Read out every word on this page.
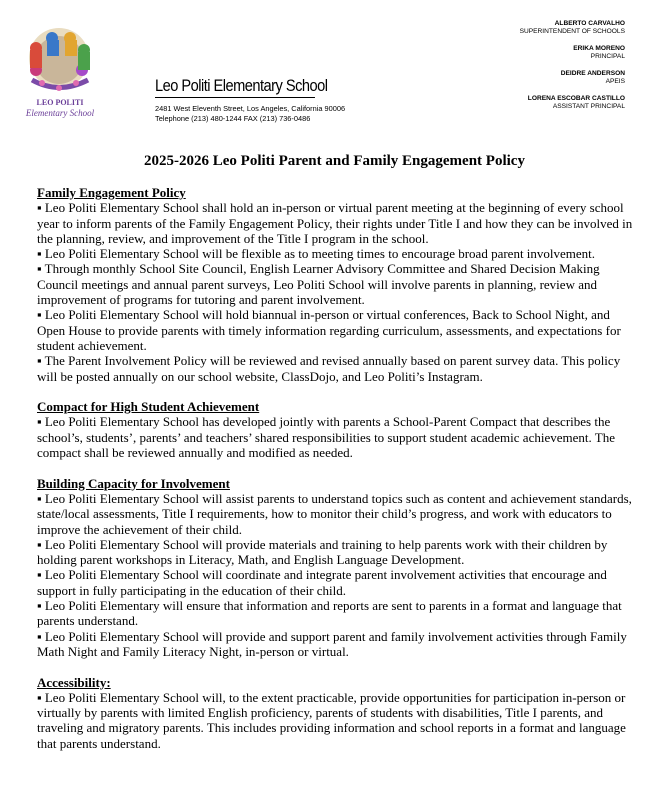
LEO POLITI
Elementary School
Leo Politi Elementary School
2481 West Eleventh Street, Los Angeles, California 90006
Telephone (213) 480-1244 FAX (213) 736-0486
ALBERTO CARVALHO
SUPERINTENDENT OF SCHOOLS
ERIKA MORENO
PRINCIPAL
DEIDRE ANDERSON
APEIS
LORENA ESCOBAR CASTILLO
ASSISTANT PRINCIPAL
2025-2026 Leo Politi Parent and Family Engagement Policy
Family Engagement Policy

▪ Leo Politi Elementary School shall hold an in-person or virtual parent meeting at the beginning of every school year to inform parents of the Family Engagement Policy, their rights under Title I and how they can be involved in the planning, review, and improvement of the Title I program in the school.

▪ Leo Politi Elementary School will be flexible as to meeting times to encourage broad parent involvement.

▪ Through monthly School Site Council, English Learner Advisory Committee and Shared Decision Making Council meetings and annual parent surveys, Leo Politi School will involve parents in planning, review and improvement of programs for tutoring and parent involvement.

▪ Leo Politi Elementary School will hold biannual in-person or virtual conferences, Back to School Night, and Open House to provide parents with timely information regarding curriculum, assessments, and expectations for student achievement.

▪ The Parent Involvement Policy will be reviewed and revised annually based on parent survey data. This policy will be posted annually on our school website, ClassDojo, and Leo Politi’s Instagram.

Compact for High Student Achievement

▪ Leo Politi Elementary School has developed jointly with parents a School-Parent Compact that describes the school’s, students’, parents’ and teachers’ shared responsibilities to support student academic achievement. The compact shall be reviewed annually and modified as needed.

Building Capacity for Involvement

▪ Leo Politi Elementary School will assist parents to understand topics such as content and achievement standards, state/local assessments, Title I requirements, how to monitor their child’s progress, and work with educators to improve the achievement of their child.

▪ Leo Politi Elementary School will provide materials and training to help parents work with their children by holding parent workshops in Literacy, Math, and English Language Development.

▪ Leo Politi Elementary School will coordinate and integrate parent involvement activities that encourage and support in fully participating in the education of their child.

▪ Leo Politi Elementary will ensure that information and reports are sent to parents in a format and language that parents understand.

▪ Leo Politi Elementary School will provide and support parent and family involvement activities through Family Math Night and Family Literacy Night, in-person or virtual.

Accessibility:

▪ Leo Politi Elementary School will, to the extent practicable, provide opportunities for participation in-person or virtually by parents with limited English proficiency, parents of students with disabilities, Title I parents, and traveling and migratory parents. This includes providing information and school reports in a format and language that parents understand.
